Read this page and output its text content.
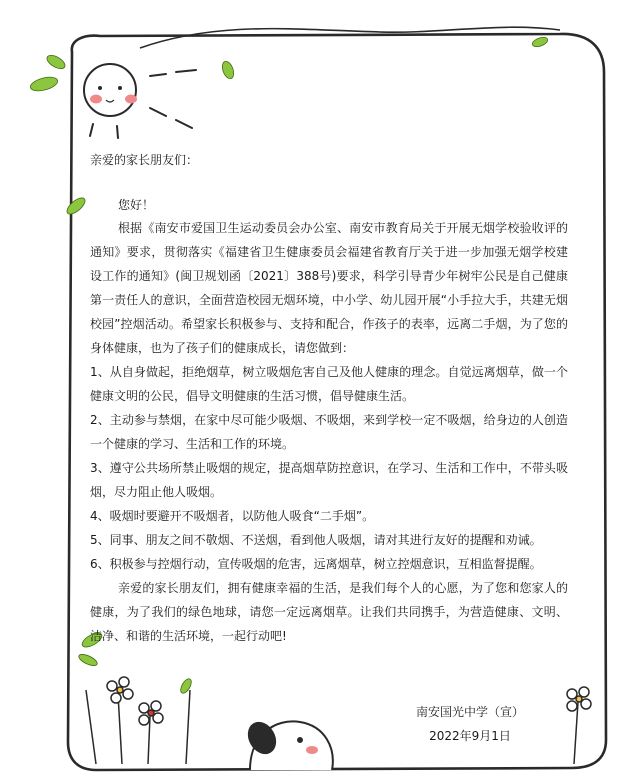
亲爱的家长朋友们：
您好！

根据《南安市爱国卫生运动委员会办公室、南安市教育局关于开展无烟学校验收评的通知》要求，贯彻落实《福建省卫生健康委员会福建省教育厅关于进一步加强无烟学校建设工作的通知》(闽卫规划函〔2021〕388号)要求，科学引导青少年树牢公民是自己健康第一责任人的意识，全面营造校园无烟环境，中小学、幼儿园开展“小手拉大手，共建无烟校园”控烟活动。希望家长积极参与、支持和配合，作孩子的表率，远离二手烟，为了您的身体健康，也为了孩子们的健康成长，请您做到：

1、从自身做起，拒绝烟草，树立吸烟危害自己及他人健康的理念。自觉远离烟草，做一个健康文明的公民，倡导文明健康的生活习惯，倡导健康生活。

2、主动参与禁烟，在家中尽可能少吸烟、不吸烟，来到学校一定不吸烟，给身边的人创造一个健康的学习、生活和工作的环境。

3、遵守公共场所禁止吸烟的规定，提高烟草防控意识，在学习、生活和工作中，不带头吸烟，尽力阻止他人吸烟。

4、吸烟时要避开不吸烟者，以防他人吸食“二手烟”。

5、同事、朋友之间不敬烟、不送烟，看到他人吸烟，请对其进行友好的提醒和劝诫。

6、积极参与控烟行动，宣传吸烟的危害，远离烟草，树立控烟意识，互相监督提醒。

亲爱的家长朋友们，拥有健康幸福的生活，是我们每个人的心愿，为了您和您家人的健康，为了我们的绿色地球，请您一定远离烟草。让我们共同携手，为营造健康、文明、洁净、和谐的生活环境，一起行动吧!

南安国光中学（宣）
2022年9月1日
